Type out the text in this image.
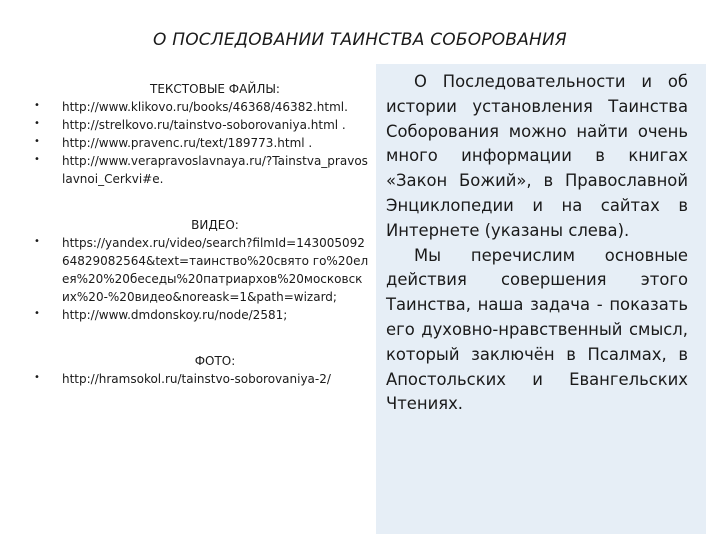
О ПОСЛЕДОВАНИИ ТАИНСТВА СОБОРОВАНИЯ
ТЕКСТОВЫЕ ФАЙЛЫ:
• http://www.klikovo.ru/books/46368/46382.html.
• http://strelkovo.ru/tainstvo-soborovaniya.html .
• http://www.pravenc.ru/text/189773.html .
• http://www.verapravoslavnaya.ru/?Tainstva_pravoslavnoi_Cerkvi#e.
ВИДЕО:
• https://yandex.ru/video/search?filmId=14300509264829082564&text=таинство%20свято го%20елея%20%20беседы%20патриархов%20московских%20-%20видео&noreask=1&path=wizard;
• http://www.dmdonskoy.ru/node/2581;
ФОТО:
• http://hramsokol.ru/tainstvo-soborovaniya-2/

О Последовательности и об истории установления Таинства Соборования можно найти очень много информации в книгах «Закон Божий», в Православной Энциклопедии и на сайтах в Интернете (указаны слева).

Мы перечислим основные действия совершения этого Таинства, наша задача - показать его духовно-нравственный смысл, который заключён в Псалмах, в Апостольских и Евангельских Чтениях.
